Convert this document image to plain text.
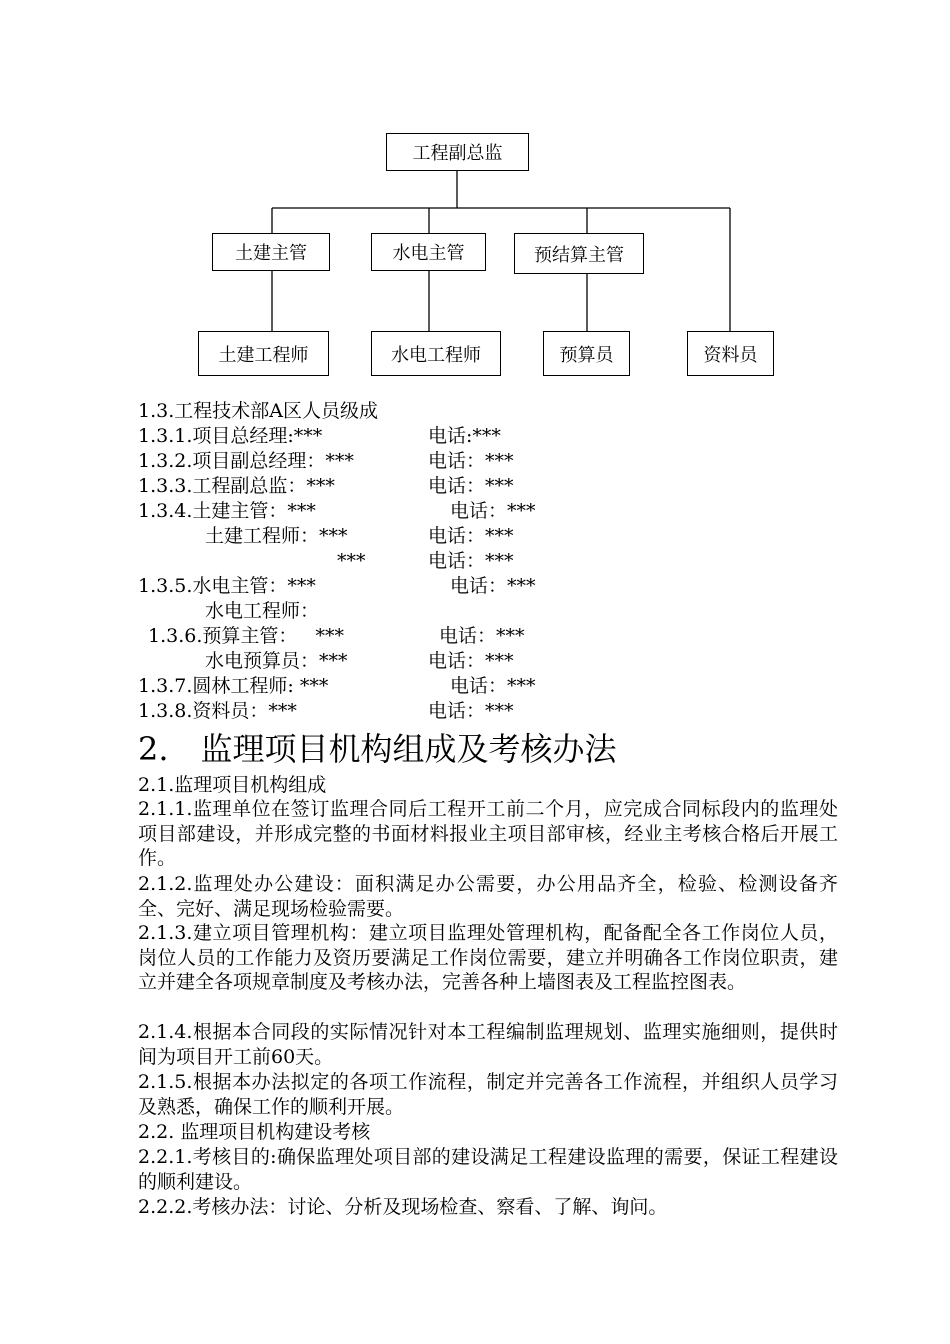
工程副总监
土建主管	水电主管	预结算主管
土建工程师	水电工程师	预算员	资料员
1.3.工程技术部A区人员级成
1.3.1.项目总经理:***	电话:***
1.3.2.项目副总经理：***	电话：***
1.3.3.工程副总监：***	电话：***
1.3.4.土建主管：***	电话：***
土建工程师：***	电话：***
***	电话：***
1.3.5.水电主管：***	电话：***
水电工程师：
1.3.6.预算主管：   ***	电话：***
水电预算员：***	电话：***
1.3.7.圆林工程师: ***	电话：***
1.3.8.资料员：***	电话：***
2.　监理项目机构组成及考核办法
2.1.监理项目机构组成
2.1.1.监理单位在签订监理合同后工程开工前二个月，应完成合同标段内的监理处项目部建设，并形成完整的书面材料报业主项目部审核，经业主考核合格后开展工作。
2.1.2.监理处办公建设：面积满足办公需要，办公用品齐全，检验、检测设备齐全、完好、满足现场检验需要。
2.1.3.建立项目管理机构：建立项目监理处管理机构，配备配全各工作岗位人员，岗位人员的工作能力及资历要满足工作岗位需要，建立并明确各工作岗位职责，建立并建全各项规章制度及考核办法，完善各种上墙图表及工程监控图表。
2.1.4.根据本合同段的实际情况针对本工程编制监理规划、监理实施细则，提供时间为项目开工前60天。
2.1.5.根据本办法拟定的各项工作流程，制定并完善各工作流程，并组织人员学习及熟悉，确保工作的顺利开展。
2.2. 监理项目机构建设考核
2.2.1.考核目的:确保监理处项目部的建设满足工程建设监理的需要，保证工程建设的顺利建设。
2.2.2.考核办法：讨论、分析及现场检查、察看、了解、询问。
